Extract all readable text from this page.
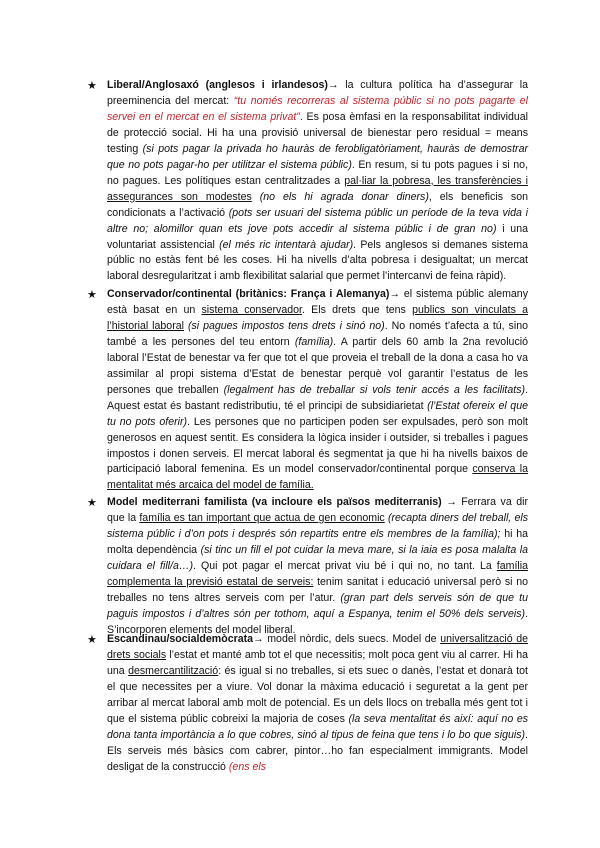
★ Liberal/Anglosaxó (anglesos i irlandesos)→ la cultura política ha d’assegurar la preeminencia del mercat: “tu només recorreras al sistema públic si no pots pagarte el servei en el mercat en el sistema privat”. Es posa èmfasi en la responsabilitat individual de protecció social. Hi ha una provisió universal de bienestar pero residual = means testing (si pots pagar la privada ho hauràs de ferobligatòriament, hauràs de demostrar que no pots pagar-ho per utilitzar el sistema públic). En resum, si tu pots pagues i si no, no pagues. Les polítiques estan centralitzades a pal·liar la pobresa, les transferències i assegurances son modestes (no els hi agrada donar diners), els beneficis son condicionats a l’activació (pots ser usuari del sistema públic un període de la teva vida i altre no; alomillor quan ets jove pots accedir al sistema públic i de gran no) i una voluntariat assistencial (el més ric intentarà ajudar). Pels anglesos si demanes sistema públic no estàs fent bé les coses. Hi ha nivells d’alta pobresa i desigualtat; un mercat laboral desregularitzat i amb flexibilitat salarial que permet l’intercanvi de feina ràpid).
★ Conservador/continental (britànics: França i Alemanya)→ el sistema públic alemany està basat en un sistema conservador. Els drets que tens publics son vinculats a l’historial laboral (si pagues impostos tens drets i sinó no). No només t’afecta a tú, sino també a les persones del teu entorn (família). A partir dels 60 amb la 2na revolució laboral l’Estat de benestar va fer que tot el que proveia el treball de la dona a casa ho va assimilar al propi sistema d’Estat de benestar perquè vol garantir l’estatus de les persones que treballen (legalment has de treballar si vols tenir accés a les facilitats). Aquest estat és bastant redistributiu, té el principi de subsidiarietat (l’Estat ofereix el que tu no pots oferir). Les persones que no participen poden ser expulsades, però son molt generosos en aquest sentit. Es considera la lògica insider i outsider, si treballes i pagues impostos i donen serveis. El mercat laboral és segmentat ja que hi ha nivells baixos de participació laboral femenina. Es un model conservador/continental porque conserva la mentalitat més arcaica del model de família.
★ Model mediterrani familista (va incloure els països mediterranis) → Ferrara va dir que la família es tan important que actua de gen economic (recapta diners del treball, els sistema públic i d’on pots i després són repartits entre els membres de la família); hi ha molta dependència (si tinc un fill el pot cuidar la meva mare, si la iaia es posa malalta la cuidara el fill/a…). Qui pot pagar el mercat privat viu bé i qui no, no tant. La família complementa la previsió estatal de serveis: tenim sanitat i educació universal però si no treballes no tens altres serveis com per l’atur. (gran part dels serveis són de que tu paguis impostos i d’altres són per tothom, aquí a Espanya, tenim el 50% dels serveis). S’incorporen elements del model liberal.
★ Escandinau/socialdemòcrata→ model nòrdic, dels suecs. Model de universalització de drets socials l’estat et manté amb tot el que necessitis; molt poca gent viu al carrer. Hi ha una desmercantilització: és igual si no treballes, si ets suec o danès, l’estat et donarà tot el que necessites per a viure. Vol donar la màxima educació i seguretat a la gent per arribar al mercat laboral amb molt de potencial. Es un dels llocs on treballa més gent tot i que el sistema públic cobreixi la majoria de coses (la seva mentalitat és així: aquí no es dona tanta importància a lo que cobres, sinó al tipus de feina que tens i lo bo que siguis). Els serveis més bàsics com cabrer, pintor…ho fan especialment immigrants. Model desligat de la construcció (ens els
